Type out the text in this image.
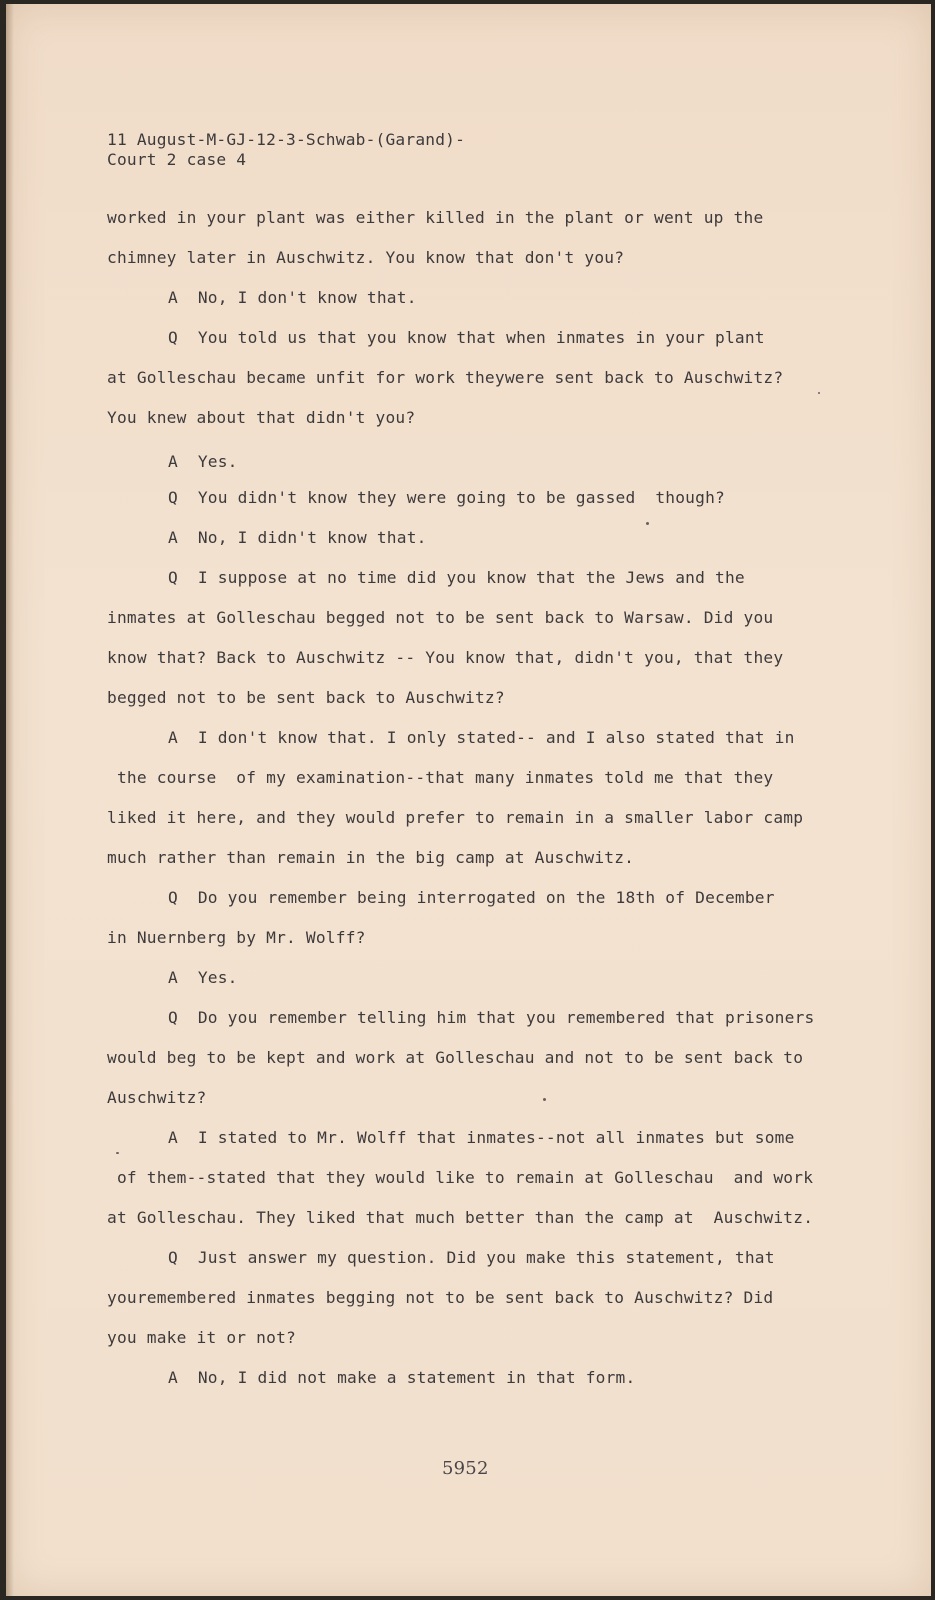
11 August-M-GJ-12-3-Schwab-(Garand)-
Court 2 case 4
worked in your plant was either killed in the plant or went up the
chimney later in Auschwitz. You know that don't you?
A  No, I don't know that.
Q  You told us that you know that when inmates in your plant
at Golleschau became unfit for work theywere sent back to Auschwitz?
You knew about that didn't you?
A  Yes.
Q  You didn't know they were going to be gassed  though?
A  No, I didn't know that.
Q  I suppose at no time did you know that the Jews and the
inmates at Golleschau begged not to be sent back to Warsaw. Did you
know that? Back to Auschwitz -- You know that, didn't you, that they
begged not to be sent back to Auschwitz?
A  I don't know that. I only stated-- and I also stated that in
the course  of my examination--that many inmates told me that they
liked it here, and they would prefer to remain in a smaller labor camp
much rather than remain in the big camp at Auschwitz.
Q  Do you remember being interrogated on the 18th of December
in Nuernberg by Mr. Wolff?
A  Yes.
Q  Do you remember telling him that you remembered that prisoners
would beg to be kept and work at Golleschau and not to be sent back to
Auschwitz?
A  I stated to Mr. Wolff that inmates--not all inmates but some
of them--stated that they would like to remain at Golleschau  and work
at Golleschau. They liked that much better than the camp at  Auschwitz.
Q  Just answer my question. Did you make this statement, that
youremembered inmates begging not to be sent back to Auschwitz? Did
you make it or not?
A  No, I did not make a statement in that form.
5952
